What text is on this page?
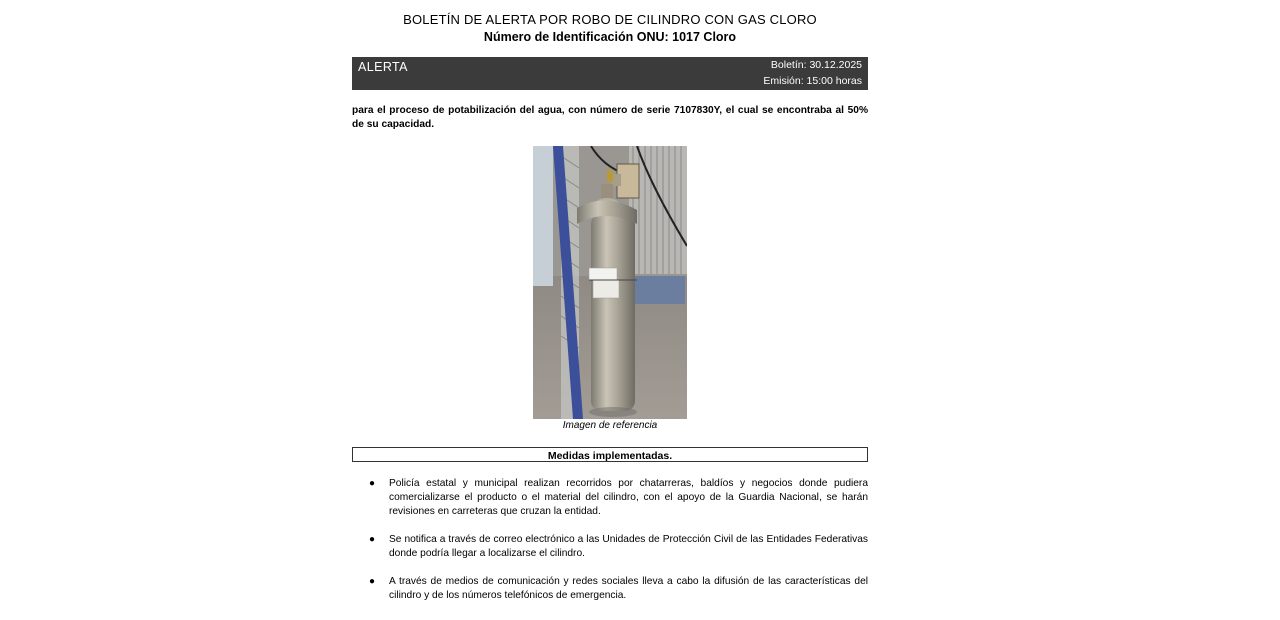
BOLETÍN DE ALERTA POR ROBO DE CILINDRO CON GAS CLORO
Número de Identificación ONU: 1017 Cloro
ALERTA	Boletín: 30.12.2025
Emisión: 15:00 horas
para el proceso de potabilización del agua, con número de serie 7107830Y, el cual se encontraba al 50% de su capacidad.
Imagen de referencia
Medidas implementadas.
● Policía estatal y municipal realizan recorridos por chatarreras, baldíos y negocios donde pudiera comercializarse el producto o el material del cilindro, con el apoyo de la Guardia Nacional, se harán revisiones en carreteras que cruzan la entidad.
● Se notifica a través de correo electrónico a las Unidades de Protección Civil de las Entidades Federativas donde podría llegar a localizarse el cilindro.
● A través de medios de comunicación y redes sociales lleva a cabo la difusión de las características del cilindro y de los números telefónicos de emergencia.
